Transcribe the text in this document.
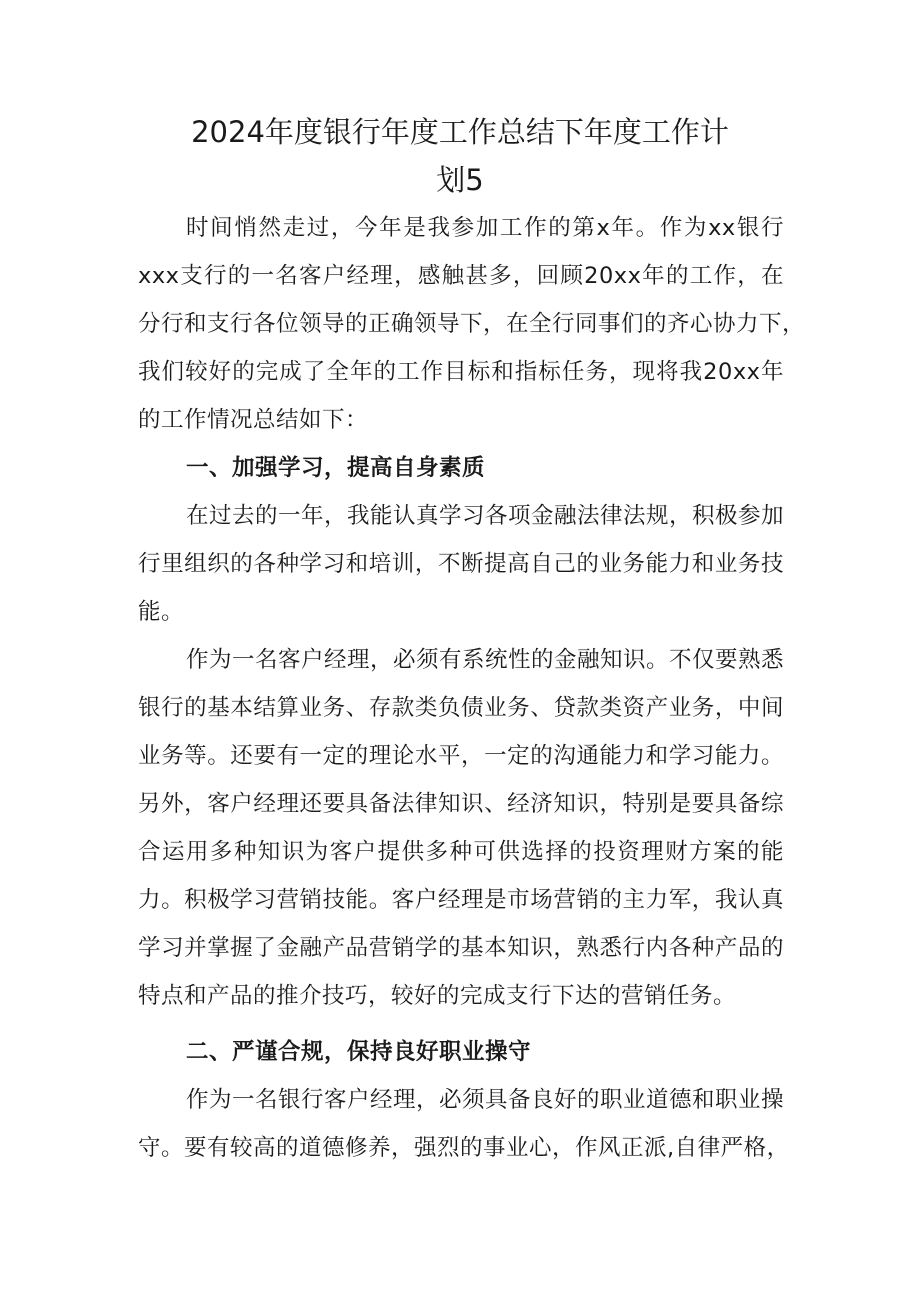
2024年度银行年度工作总结下年度工作计
划5
时间悄然走过，今年是我参加工作的第x年。作为xx银行
xxx支行的一名客户经理，感触甚多，回顾20xx年的工作，在
分行和支行各位领导的正确领导下，在全行同事们的齐心协力下，
我们较好的完成了全年的工作目标和指标任务，现将我20xx年
的工作情况总结如下：
一、加强学习，提高自身素质
在过去的一年，我能认真学习各项金融法律法规，积极参加
行里组织的各种学习和培训，不断提高自己的业务能力和业务技
能。
作为一名客户经理，必须有系统性的金融知识。不仅要熟悉
银行的基本结算业务、存款类负债业务、贷款类资产业务，中间
业务等。还要有一定的理论水平，一定的沟通能力和学习能力。
另外，客户经理还要具备法律知识、经济知识，特别是要具备综
合运用多种知识为客户提供多种可供选择的投资理财方案的能
力。积极学习营销技能。客户经理是市场营销的主力军，我认真
学习并掌握了金融产品营销学的基本知识，熟悉行内各种产品的
特点和产品的推介技巧，较好的完成支行下达的营销任务。
二、严谨合规，保持良好职业操守
作为一名银行客户经理，必须具备良好的职业道德和职业操
守。要有较高的道德修养，强烈的事业心，作风正派,自律严格，
